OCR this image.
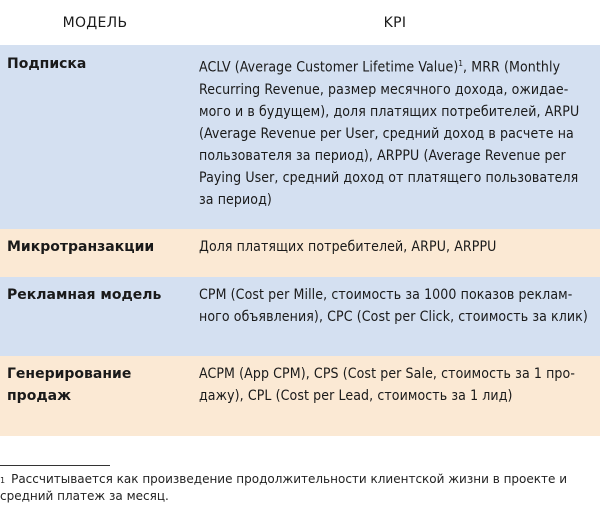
МОДЕЛЬ	KPI
Подписка	ACLV (Average Customer Lifetime Value)$^1$, MRR (Monthly Recurring Revenue, размер месячного дохода, ожидае-мого и в будущем), доля платящих потребителей, ARPU (Average Revenue per User, средний доход в расчете на пользователя за период), ARPPU (Average Revenue per Paying User, средний доход от платящего пользователя за период)
Микротранзакции	Доля платящих потребителей, ARPU, ARPPU
Рекламная модель	CPM (Cost per Mille, стоимость за 1000 показов реклам-ного объявления), CPC (Cost per Click, стоимость за клик)
Генерирование продаж	ACPM (App CPM), CPS (Cost per Sale, стоимость за 1 про-дажу), CPL (Cost per Lead, стоимость за 1 лид)
$^1$ Рассчитывается как произведение продолжительности клиентской жизни в проекте и средний платеж за месяц.
